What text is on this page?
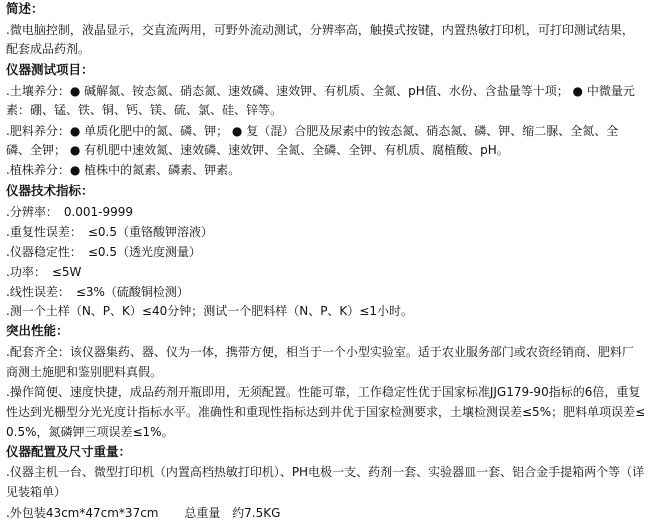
简述：
.微电脑控制，液晶显示，交直流两用，可野外流动测试，分辨率高，触摸式按键，内置热敏打印机，可打印测试结果，
配套成品药剂。
仪器测试项目：
.土壤养分：● 碱解氮、铵态氮、硝态氮、速效磷、速效钾、有机质、全氮、pH值、水份、含盐量等十项； ● 中微量元
素：硼、锰、铁、铜、钙、镁、硫、氯、硅、锌等。
.肥料养分：● 单质化肥中的氮、磷、钾； ● 复（混）合肥及尿素中的铵态氮、硝态氮、磷、钾、缩二脲、全氮、全
磷、全钾； ● 有机肥中速效氮、速效磷、速效钾、全氮、全磷、全钾、有机质、腐植酸、pH。
.植株养分：● 植株中的氮素、磷素、钾素。
仪器技术指标：
.分辨率： 0.001-9999
.重复性误差： ≤0.5（重铬酸钾溶液）
.仪器稳定性： ≤0.5（透光度测量）
.功率： ≤5W
.线性误差： ≤3%（硫酸铜检测）
.测一个土样（N、P、K）≤40分钟；测试一个肥料样（N、P、K）≤1小时。
突出性能：
.配套齐全：该仪器集药、器、仪为一体，携带方便，相当于一个小型实验室。适于农业服务部门或农资经销商、肥料厂
商测土施肥和鉴别肥料真假。
.操作简便、速度快捷，成品药剂开瓶即用，无须配置。性能可靠，工作稳定性优于国家标准JJG179-90指标的6倍，重复
性达到光栅型分光光度计指标水平。准确性和重现性指标达到并优于国家检测要求，土壤检测误差≤5%；肥料单项误差≤
0.5%，氮磷钾三项误差≤1%。
仪器配置及尺寸重量：
.仪器主机一台、微型打印机（内置高档热敏打印机）、PH电极一支、药剂一套、实验器皿一套、铝合金手提箱两个等（详
见装箱单）
.外包装43cm*47cm*37cm 总重量 约7.5KG
